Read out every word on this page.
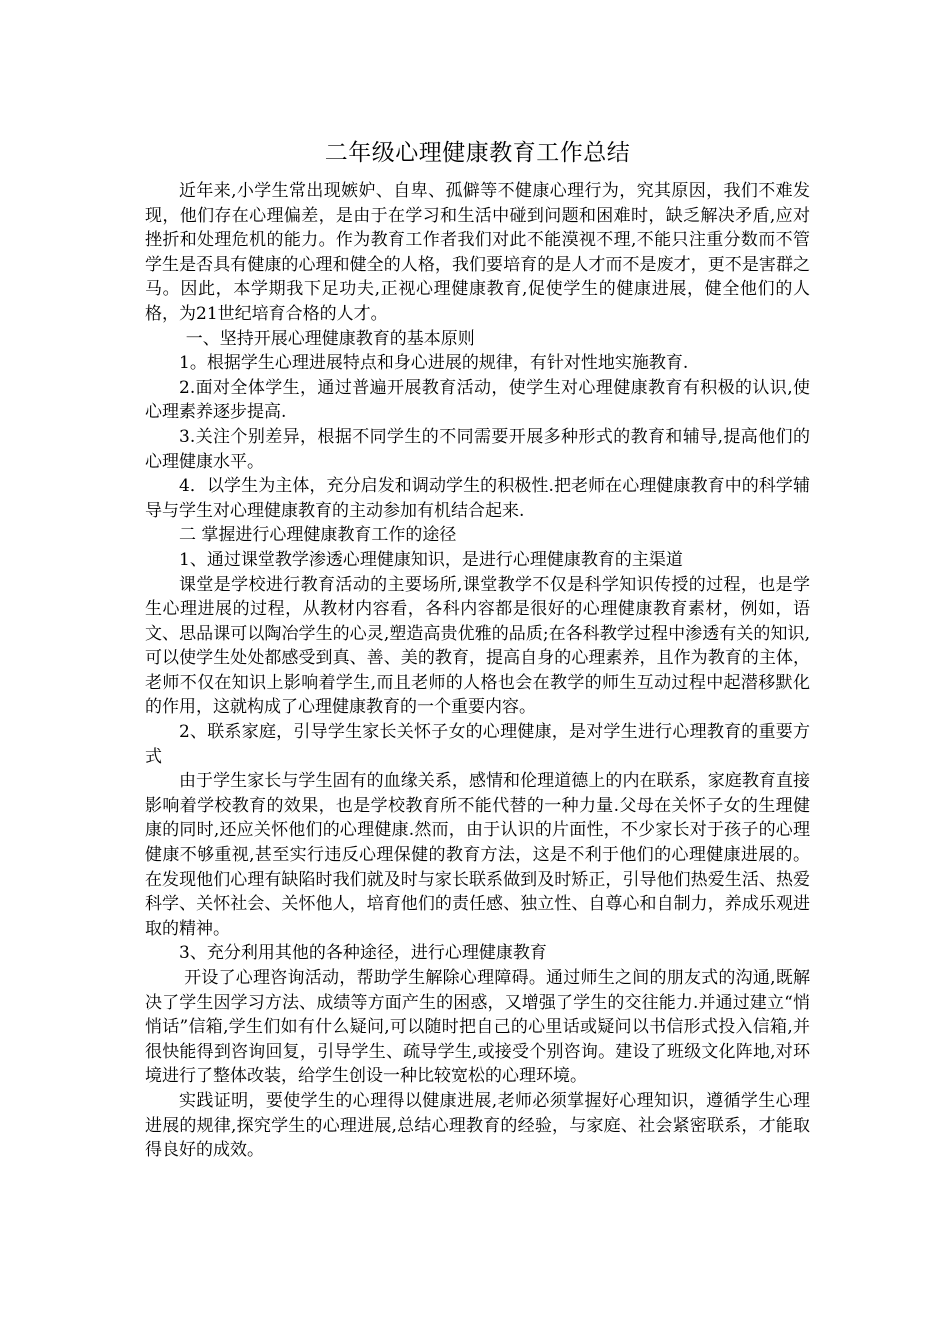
二年级心理健康教育工作总结

近年来,小学生常出现嫉妒、自卑、孤僻等不健康心理行为，究其原因，我们不难发现，他们存在心理偏差，是由于在学习和生活中碰到问题和困难时，缺乏解决矛盾,应对挫折和处理危机的能力。作为教育工作者我们对此不能漠视不理,不能只注重分数而不管学生是否具有健康的心理和健全的人格，我们要培育的是人才而不是废才，更不是害群之马。因此，本学期我下足功夫,正视心理健康教育,促使学生的健康进展，健全他们的人格，为21世纪培育合格的人才。

一、坚持开展心理健康教育的基本原则

1。根据学生心理进展特点和身心进展的规律，有针对性地实施教育.

2.面对全体学生，通过普遍开展教育活动，使学生对心理健康教育有积极的认识,使心理素养逐步提高.

3.关注个别差异，根据不同学生的不同需要开展多种形式的教育和辅导,提高他们的心理健康水平。

4．以学生为主体，充分启发和调动学生的积极性.把老师在心理健康教育中的科学辅导与学生对心理健康教育的主动参加有机结合起来.

二 掌握进行心理健康教育工作的途径

1、通过课堂教学渗透心理健康知识，是进行心理健康教育的主渠道

课堂是学校进行教育活动的主要场所,课堂教学不仅是科学知识传授的过程，也是学生心理进展的过程，从教材内容看，各科内容都是很好的心理健康教育素材，例如，语文、思品课可以陶冶学生的心灵,塑造高贵优雅的品质;在各科教学过程中渗透有关的知识,可以使学生处处都感受到真、善、美的教育，提高自身的心理素养，且作为教育的主体，老师不仅在知识上影响着学生,而且老师的人格也会在教学的师生互动过程中起潜移默化的作用，这就构成了心理健康教育的一个重要内容。

2、联系家庭，引导学生家长关怀子女的心理健康，是对学生进行心理教育的重要方式

由于学生家长与学生固有的血缘关系，感情和伦理道德上的内在联系，家庭教育直接影响着学校教育的效果，也是学校教育所不能代替的一种力量.父母在关怀子女的生理健康的同时,还应关怀他们的心理健康.然而，由于认识的片面性，不少家长对于孩子的心理健康不够重视,甚至实行违反心理保健的教育方法，这是不利于他们的心理健康进展的。在发现他们心理有缺陷时我们就及时与家长联系做到及时矫正，引导他们热爱生活、热爱科学、关怀社会、关怀他人，培育他们的责任感、独立性、自尊心和自制力，养成乐观进取的精神。

3、充分利用其他的各种途径，进行心理健康教育

开设了心理咨询活动，帮助学生解除心理障碍。通过师生之间的朋友式的沟通,既解决了学生因学习方法、成绩等方面产生的困惑，又增强了学生的交往能力.并通过建立“悄悄话”信箱,学生们如有什么疑问,可以随时把自己的心里话或疑问以书信形式投入信箱,并很快能得到咨询回复，引导学生、疏导学生,或接受个别咨询。建设了班级文化阵地,对环境进行了整体改装，给学生创设一种比较宽松的心理环境。

实践证明，要使学生的心理得以健康进展,老师必须掌握好心理知识，遵循学生心理进展的规律,探究学生的心理进展,总结心理教育的经验，与家庭、社会紧密联系，才能取得良好的成效。
